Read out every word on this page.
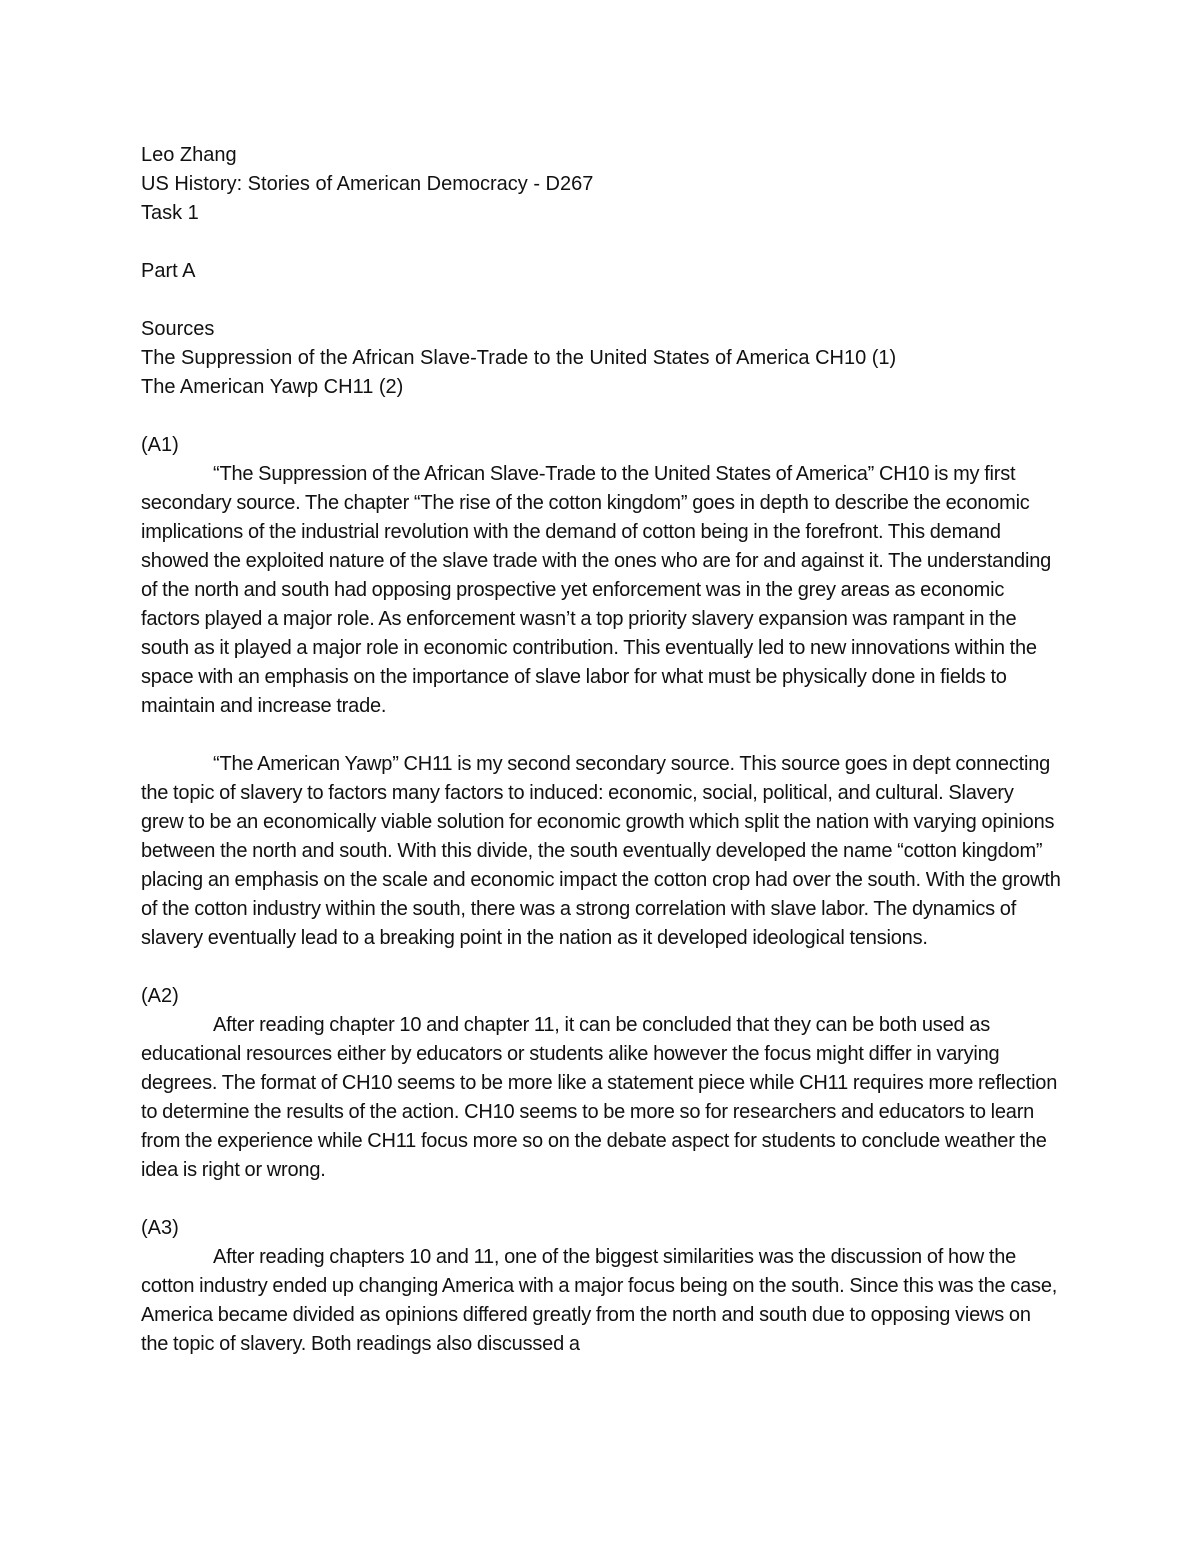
Leo Zhang
US History: Stories of American Democracy - D267
Task 1
Part A
Sources
The Suppression of the African Slave-Trade to the United States of America CH10 (1)
The American Yawp CH11 (2)
(A1)

“The Suppression of the African Slave-Trade to the United States of America” CH10 is my first secondary source. The chapter “The rise of the cotton kingdom” goes in depth to describe the economic implications of the industrial revolution with the demand of cotton being in the forefront. This demand showed the exploited nature of the slave trade with the ones who are for and against it. The understanding of the north and south had opposing prospective yet enforcement was in the grey areas as economic factors played a major role. As enforcement wasn’t a top priority slavery expansion was rampant in the south as it played a major role in economic contribution. This eventually led to new innovations within the space with an emphasis on the importance of slave labor for what must be physically done in fields to maintain and increase trade.

“The American Yawp” CH11 is my second secondary source. This source goes in dept connecting the topic of slavery to factors many factors to induced: economic, social, political, and cultural. Slavery grew to be an economically viable solution for economic growth which split the nation with varying opinions between the north and south. With this divide, the south eventually developed the name “cotton kingdom” placing an emphasis on the scale and economic impact the cotton crop had over the south. With the growth of the cotton industry within the south, there was a strong correlation with slave labor. The dynamics of slavery eventually lead to a breaking point in the nation as it developed ideological tensions.

(A2)

After reading chapter 10 and chapter 11, it can be concluded that they can be both used as educational resources either by educators or students alike however the focus might differ in varying degrees. The format of CH10 seems to be more like a statement piece while CH11 requires more reflection to determine the results of the action. CH10 seems to be more so for researchers and educators to learn from the experience while CH11 focus more so on the debate aspect for students to conclude weather the idea is right or wrong.

(A3)

After reading chapters 10 and 11, one of the biggest similarities was the discussion of how the cotton industry ended up changing America with a major focus being on the south. Since this was the case, America became divided as opinions differed greatly from the north and south due to opposing views on the topic of slavery. Both readings also discussed a
